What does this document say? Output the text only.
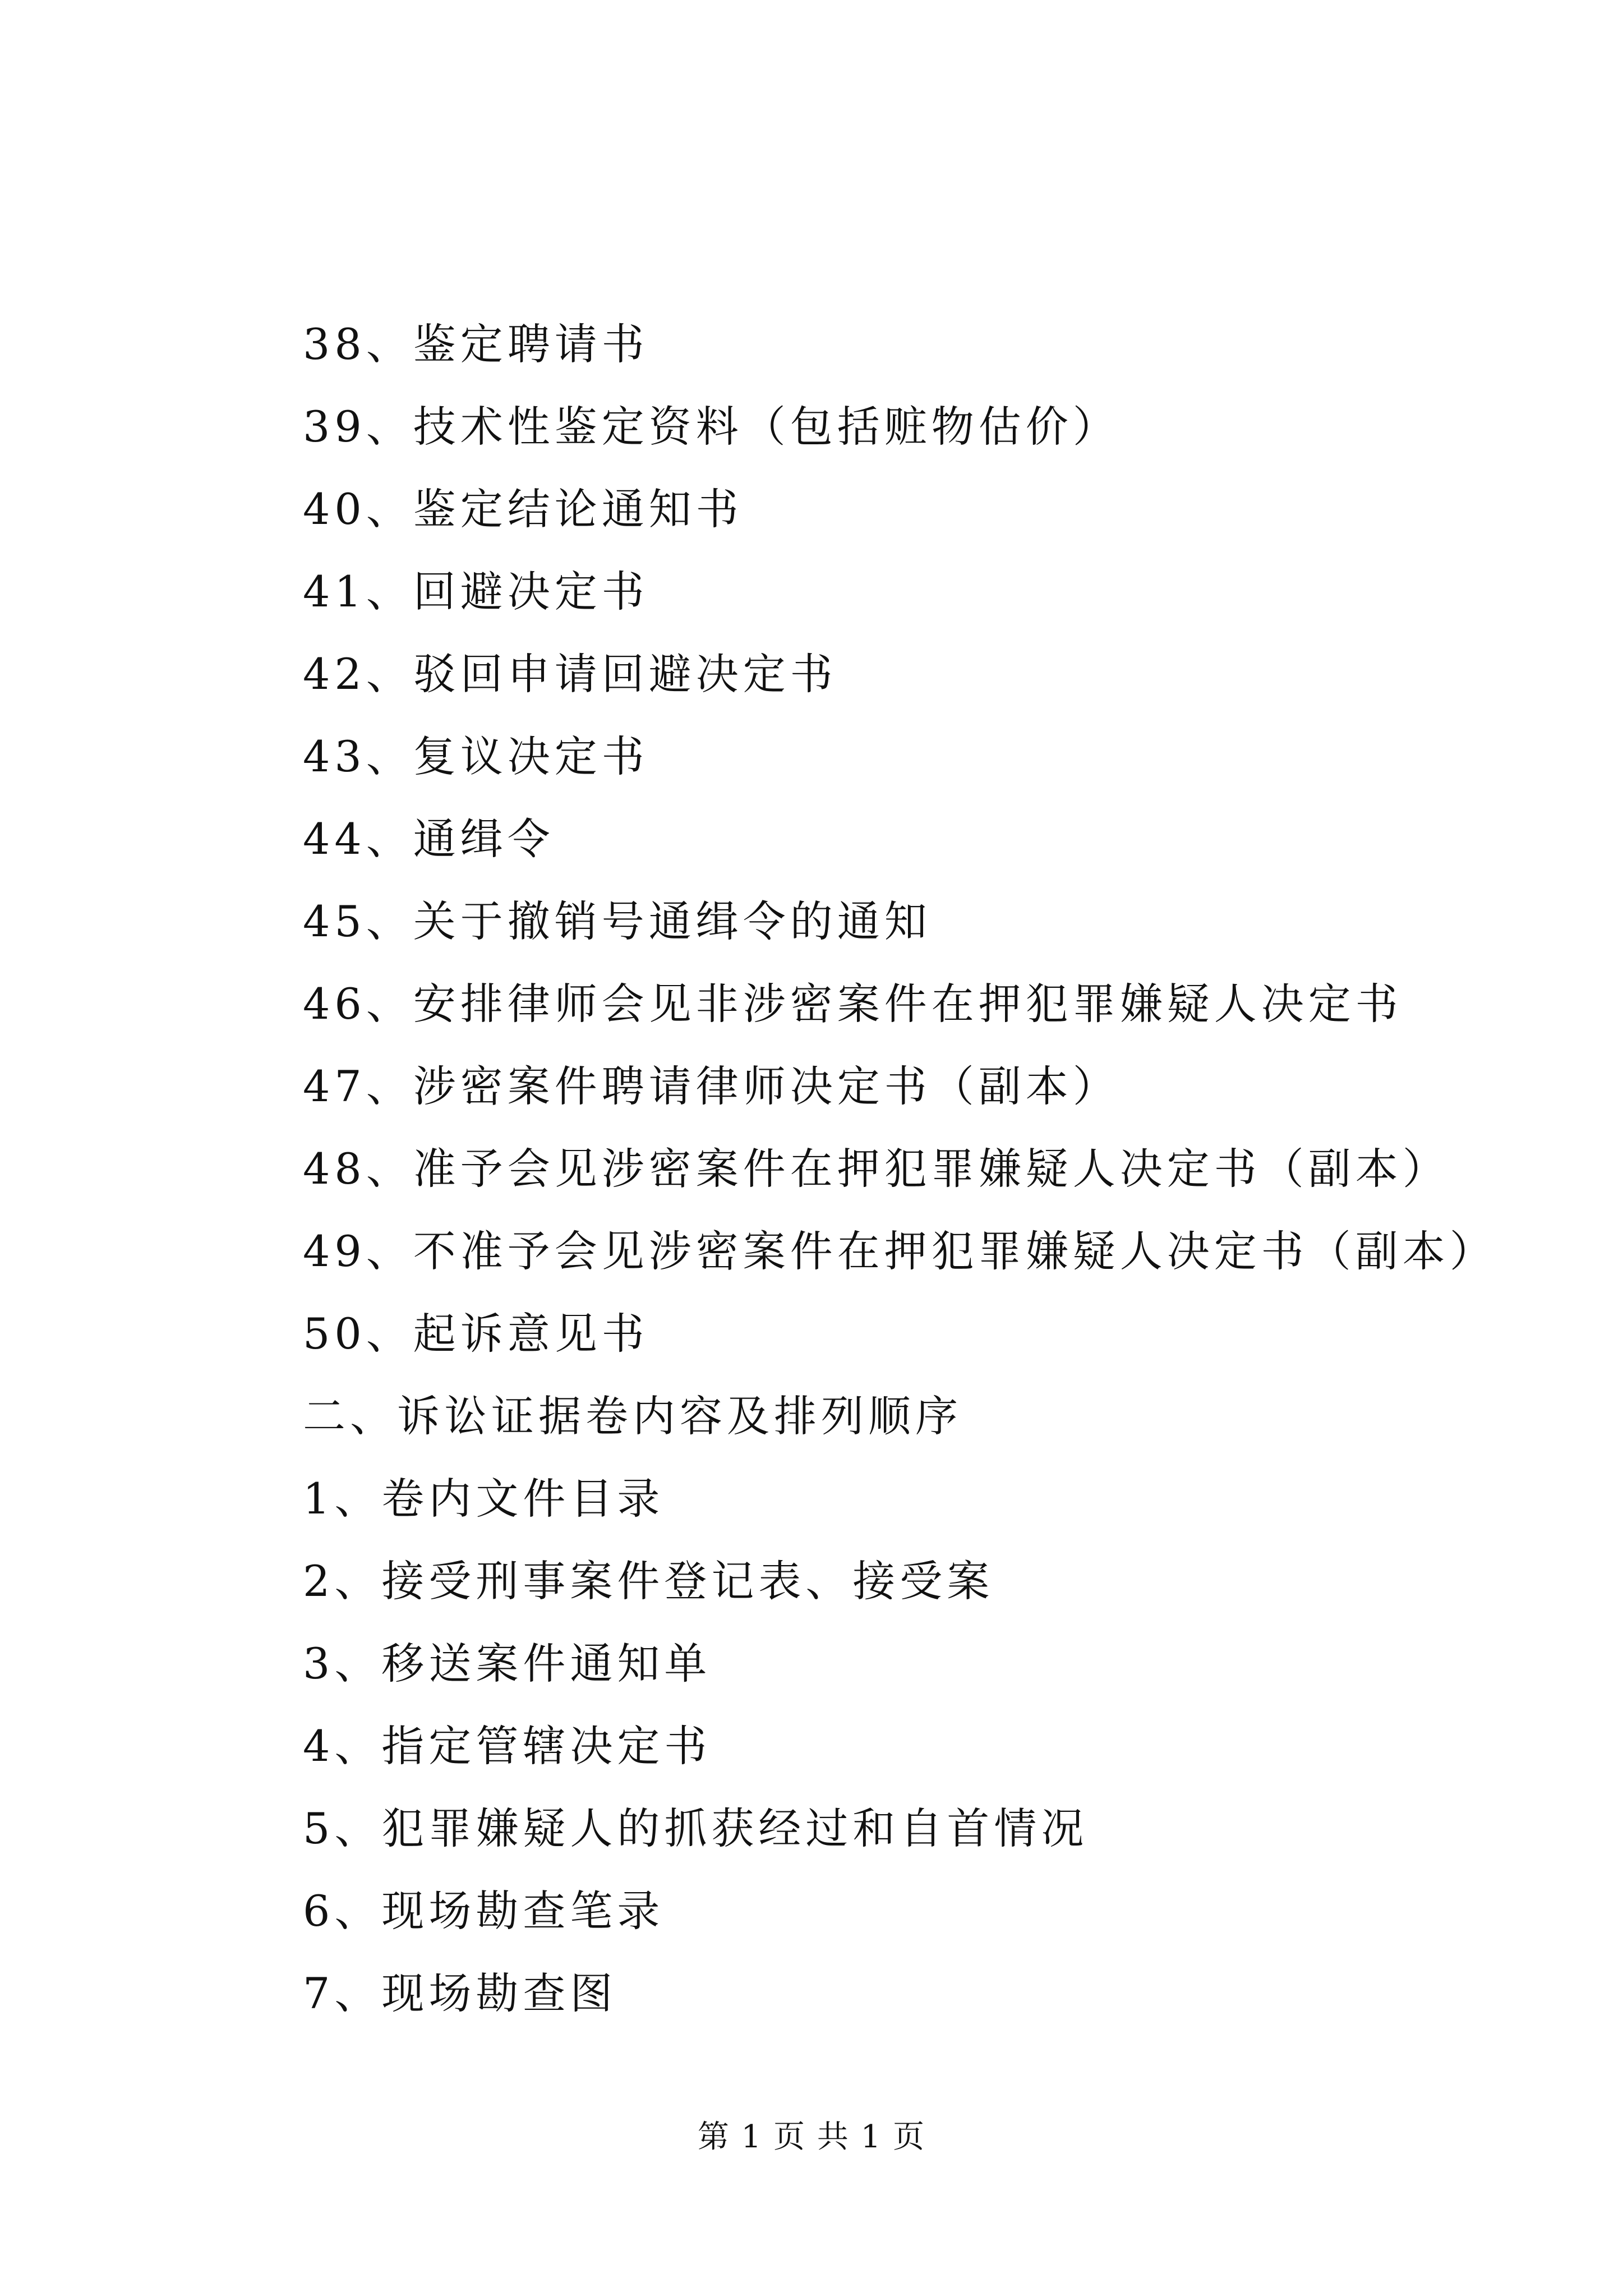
38、鉴定聘请书
39、技术性鉴定资料（包括赃物估价）
40、鉴定结论通知书
41、回避决定书
42、驳回申请回避决定书
43、复议决定书
44、通缉令
45、关于撤销号通缉令的通知
46、安排律师会见非涉密案件在押犯罪嫌疑人决定书
47、涉密案件聘请律师决定书（副本）
48、准予会见涉密案件在押犯罪嫌疑人决定书（副本）
49、不准予会见涉密案件在押犯罪嫌疑人决定书（副本）
50、起诉意见书
二、诉讼证据卷内容及排列顺序
1、卷内文件目录
2、接受刑事案件登记表、接受案
3、移送案件通知单
4、指定管辖决定书
5、犯罪嫌疑人的抓获经过和自首情况
6、现场勘查笔录
7、现场勘查图
第 1 页 共 1 页
